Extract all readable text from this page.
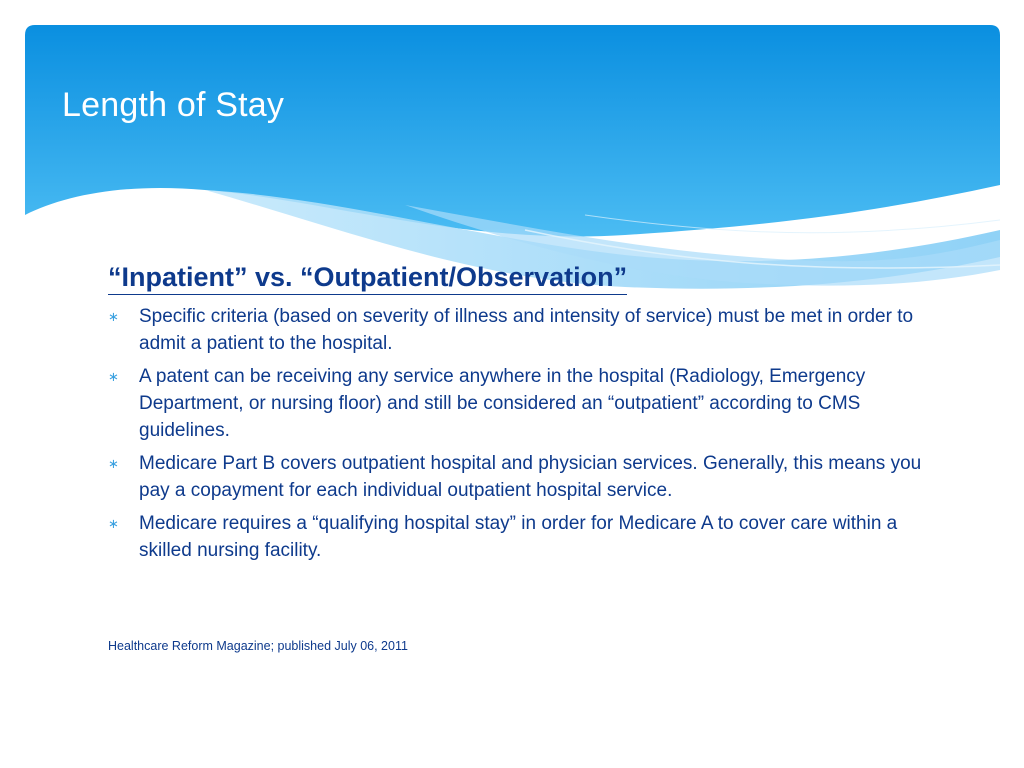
Length of Stay
“Inpatient” vs. “Outpatient/Observation”
∗ Specific criteria (based on severity of illness and intensity of service) must be met in order to admit a patient to the hospital.
∗ A patent can be receiving any service anywhere in the hospital (Radiology, Emergency Department, or nursing floor) and still be considered an “outpatient” according to CMS guidelines.
∗ Medicare Part B covers outpatient hospital and physician services. Generally, this means you pay a copayment for each individual outpatient hospital service.
∗ Medicare requires a “qualifying hospital stay” in order for Medicare A to cover care within a skilled nursing facility.
Healthcare Reform Magazine; published July 06, 2011
